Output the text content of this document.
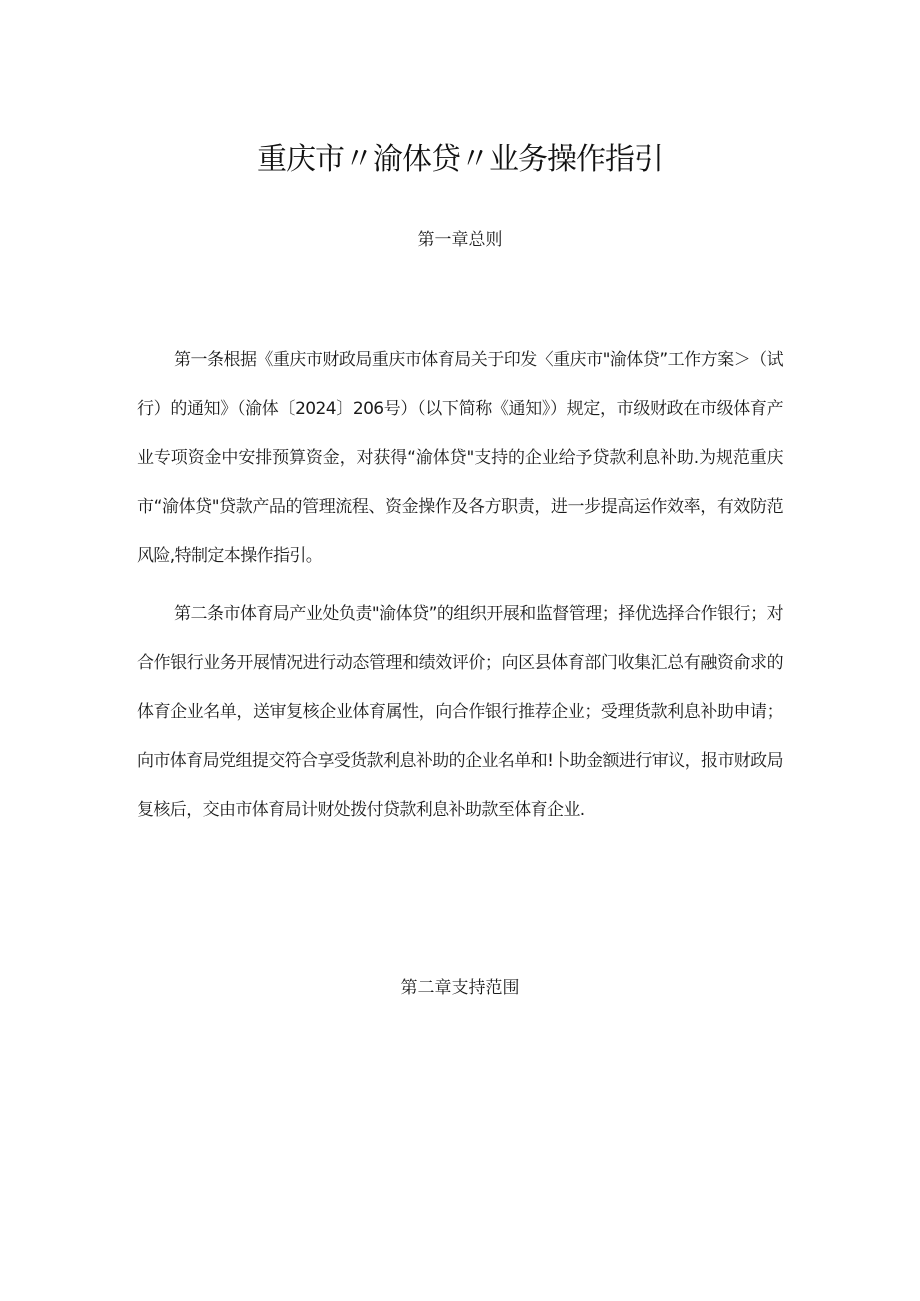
重庆市〃渝体贷〃业务操作指引
第一章总则

第一条根据《重庆市财政局重庆市体育局关于印发〈重庆市"渝体贷”工作方案＞（试行）的通知》（渝体〔2024〕206号）（以下简称《通知》）规定，市级财政在市级体育产业专项资金中安排预算资金，对获得“渝体贷"支持的企业给予贷款利息补助.为规范重庆市“渝体贷"贷款产品的管理流程、资金操作及各方职责，进一步提高运作效率，有效防范风险,特制定本操作指引。

第二条市体育局产业处负责"渝体贷”的组织开展和监督管理；择优选择合作银行；对合作银行业务开展情况进行动态管理和绩效评价；向区县体育部门收集汇总有融资俞求的体育企业名单，送审复核企业体育属性，向合作银行推荐企业；受理货款利息补助申请；向市体育局党组提交符合享受货款利息补助的企业名单和!卜助金额进行审议，报市财政局复核后，交由市体育局计财处拨付贷款利息补助款至体育企业.

第二章支持范围
